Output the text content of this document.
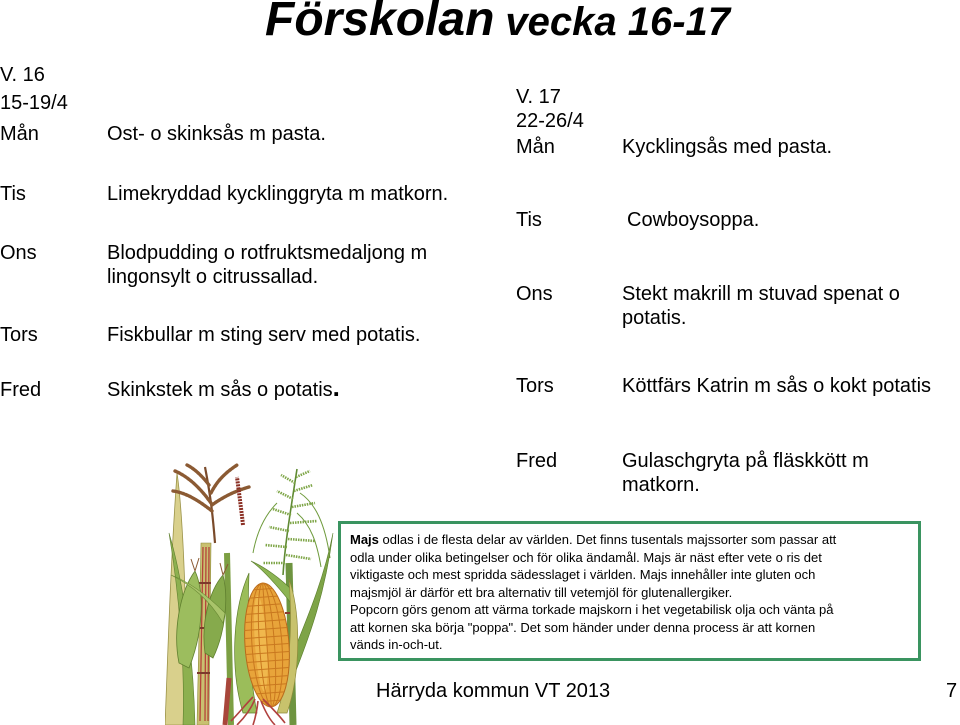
Förskolan vecka 16-17
V. 16
15-19/4
Mån	Ost- o skinksås m pasta.
Tis	Limekryddad kycklinggryta m matkorn.
Ons	Blodpudding o rotfruktsmedaljong m
lingonsylt o citrussallad.
Tors	Fiskbullar m sting serv med potatis.
Fred	Skinkstek m sås o potatis.
V. 17
22-26/4
Mån	Kycklingsås med pasta.
Tis	Cowboysoppa.
Ons	Stekt makrill m stuvad spenat o
potatis.
Tors	Köttfärs Katrin m sås o kokt potatis
Fred	Gulaschgryta på fläskkött m
matkorn.
Majs odlas i de flesta delar av världen. Det finns tusentals majssorter som passar att
odla under olika betingelser och för olika ändamål. Majs är näst efter vete o ris det
viktigaste och mest spridda sädesslaget i världen. Majs innehåller inte gluten och
majsmjöl är därför ett bra alternativ till vetemjöl för glutenallergiker.
Popcorn görs genom att värma torkade majskorn i het vegetabilisk olja och vänta på
att kornen ska börja "poppa". Det som händer under denna process är att kornen
vänds in-och-ut.
Härryda kommun VT 2013	7
